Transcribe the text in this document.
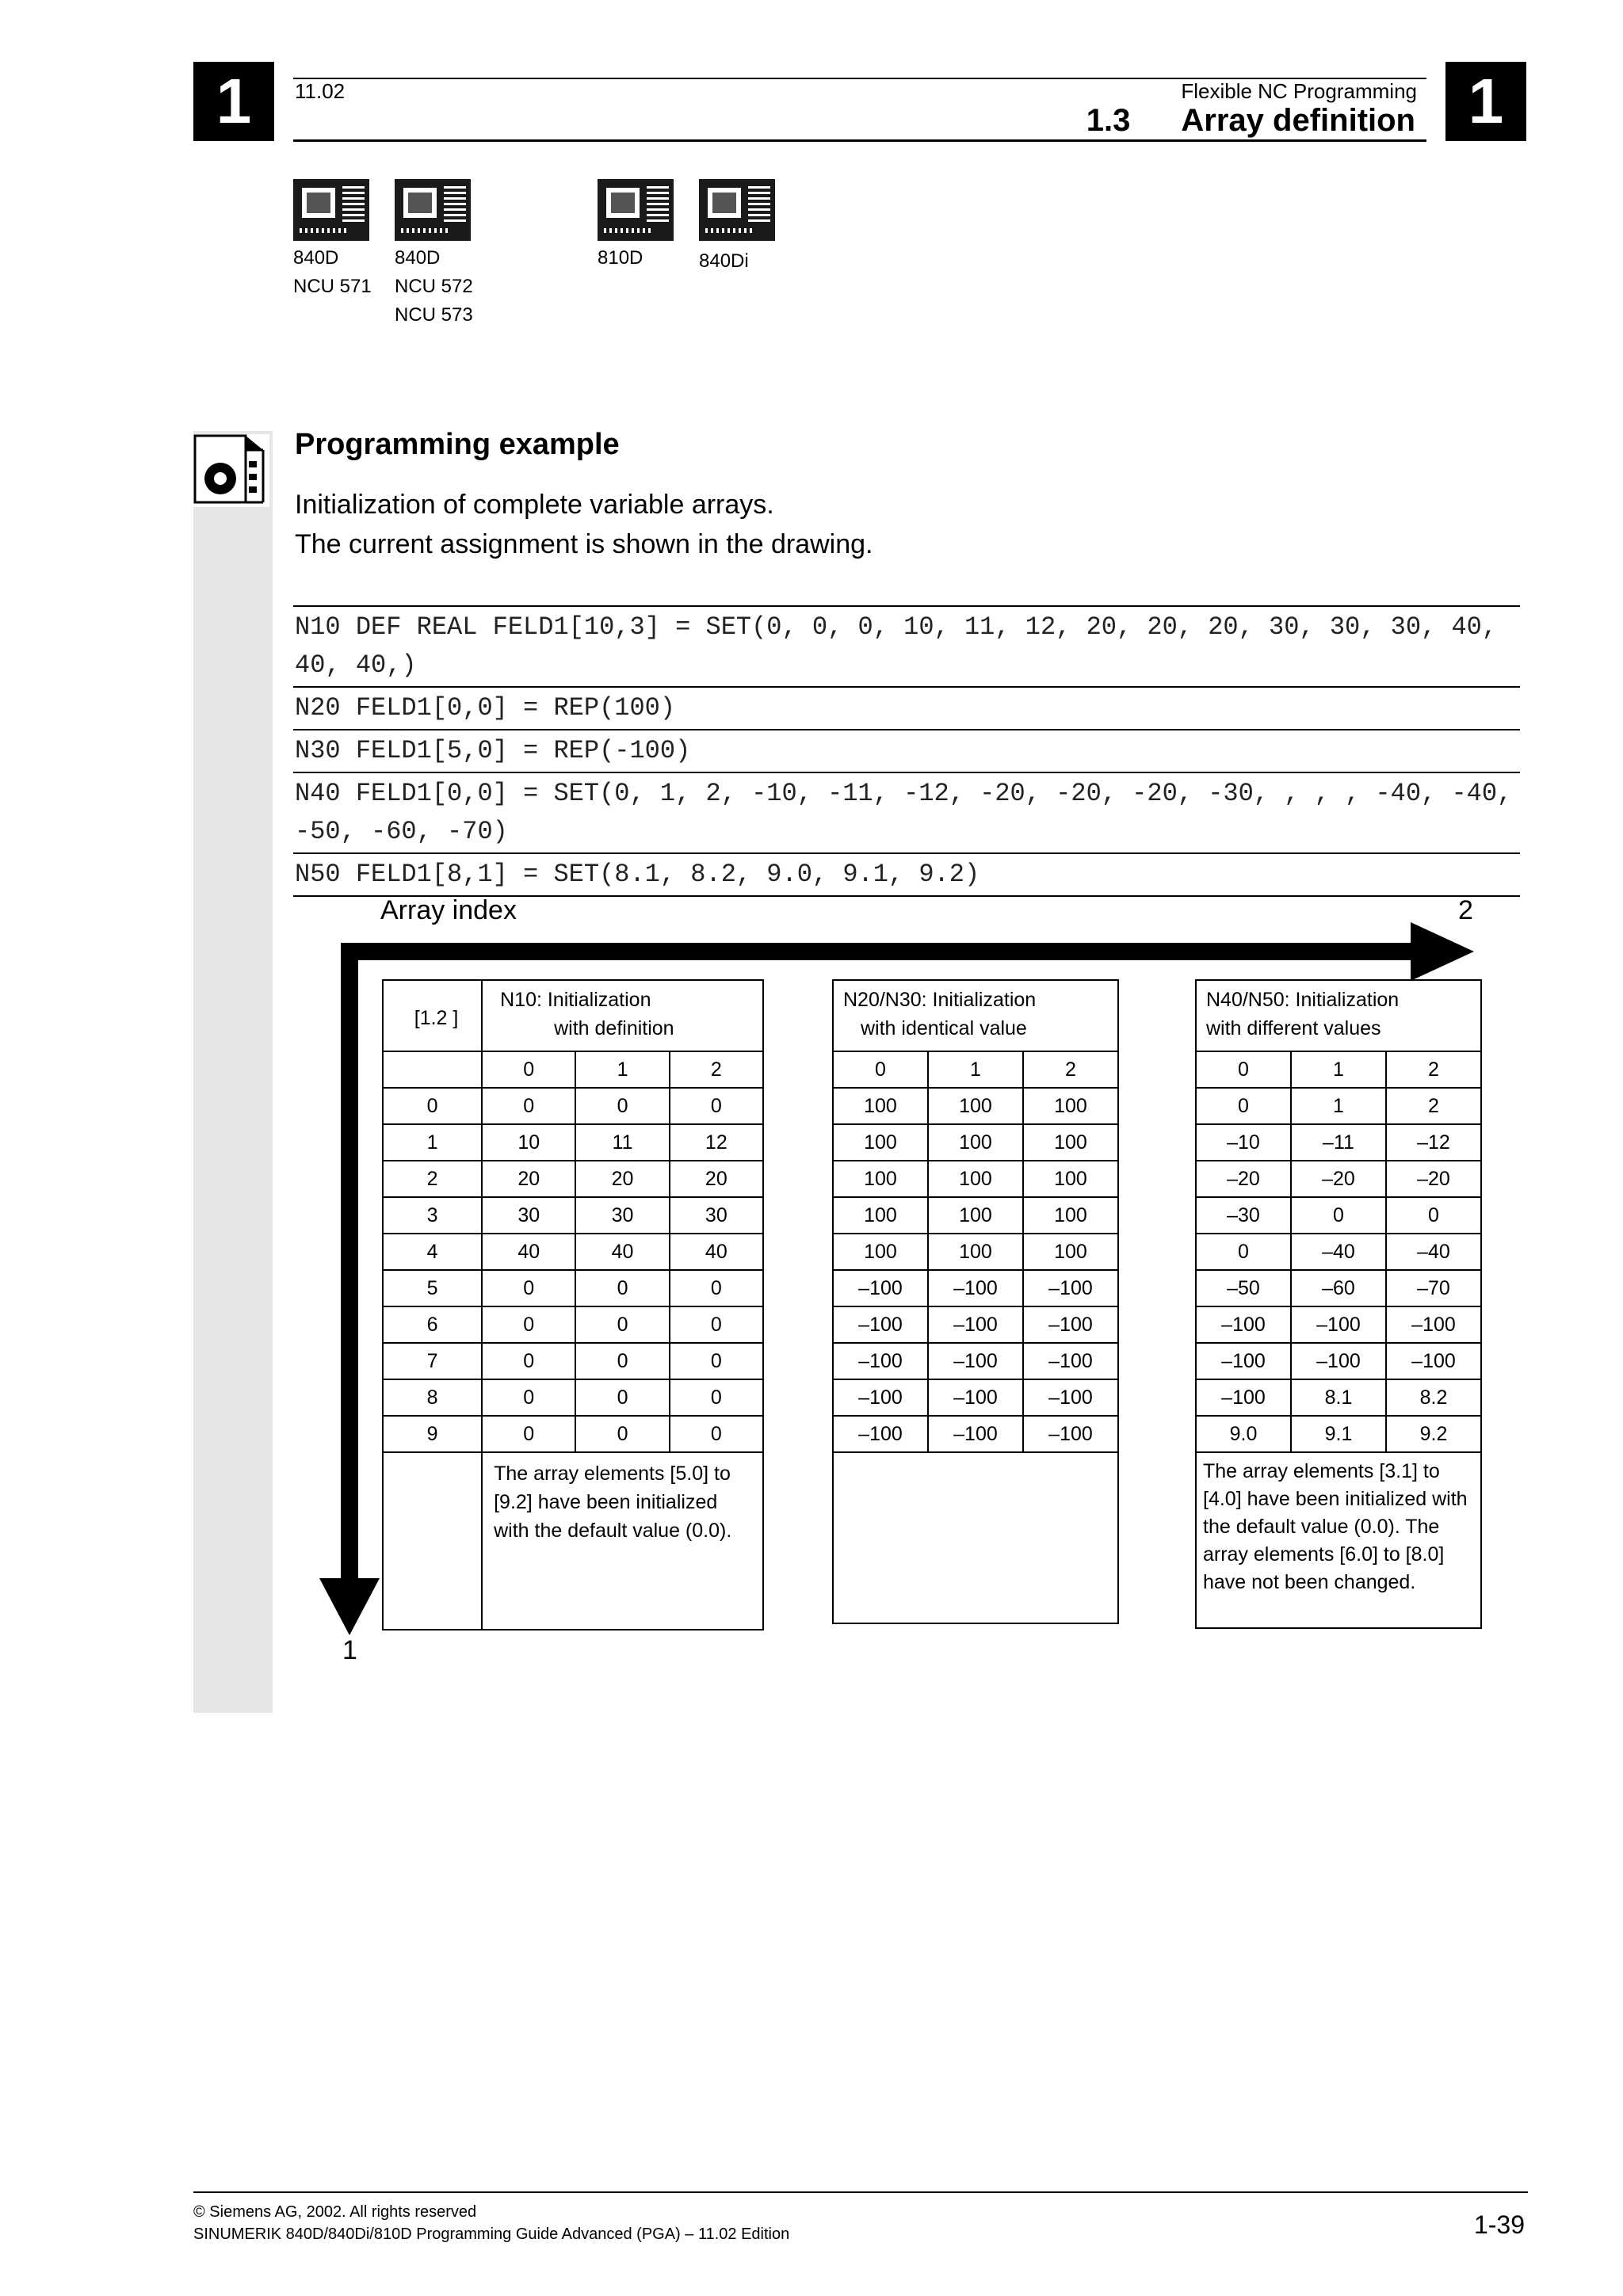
1	1
11.02	Flexible NC Programming
1.3 Array definition
840D
NCU 571
840D
NCU 572
NCU 573
810D	840Di
Programming example
Initialization of complete variable arrays.
The current assignment is shown in the drawing.
N10 DEF REAL FELD1[10,3] = SET(0, 0, 0, 10, 11, 12, 20, 20, 20, 30, 30, 30, 40, 40, 40,)
N20 FELD1[0,0] = REP(100)
N30 FELD1[5,0] = REP(-100)
N40 FELD1[0,0] = SET(0, 1, 2, -10, -11, -12, -20, -20, -20, -30, , , , -40, -40, -50, -60, -70)
N50 FELD1[8,1] = SET(8.1, 8.2, 9.0, 9.1, 9.2)
Array index	2
1
[1.2 ]	N10: Initialization
with definition		

	0	1	2
0	0	0	0
1	10	11	12
2	20	20	20
3	30	30	30
4	40	40	40
5	0	0	0
6	0	0	0
7	0	0	0
8	0	0	0
9	0	0	0
	The array elements [5.0] to [9.2] have been initialized with the default value (0.0).		
N20/N30: Initialization
with identical value		

0	1	2
100	100	100
100	100	100
100	100	100
100	100	100
100	100	100
–100	–100	–100
–100	–100	–100
–100	–100	–100
–100	–100	–100
–100	–100	–100

N40/N50: Initialization
with different values		

0	1	2
0	1	2
–10	–11	–12
–20	–20	–20
–30	0	0
0	–40	–40
–50	–60	–70
–100	–100	–100
–100	–100	–100
–100	8.1	8.2
9.0	9.1	9.2
The array elements [3.1] to [4.0] have been initialized with the default value (0.0). The array elements [6.0] to [8.0] have not been changed.		
© Siemens AG, 2002. All rights reserved
SINUMERIK 840D/840Di/810D Programming Guide Advanced (PGA) – 11.02 Edition	1-39
